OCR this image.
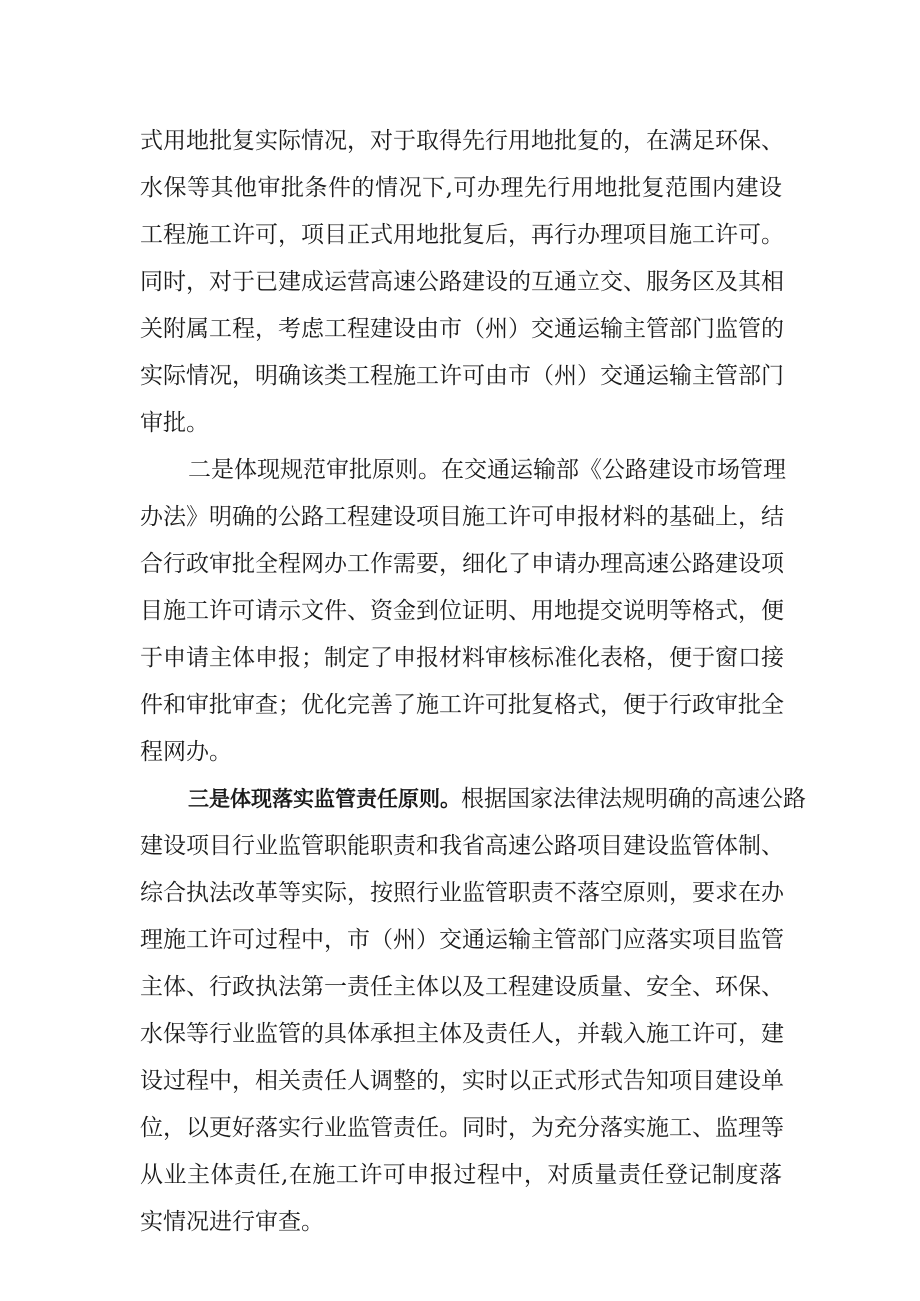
式用地批复实际情况，对于取得先行用地批复的，在满足环保、
水保等其他审批条件的情况下,可办理先行用地批复范围内建设
工程施工许可，项目正式用地批复后，再行办理项目施工许可。
同时，对于已建成运营高速公路建设的互通立交、服务区及其相
关附属工程，考虑工程建设由市（州）交通运输主管部门监管的
实际情况，明确该类工程施工许可由市（州）交通运输主管部门
审批。
二是体现规范审批原则。在交通运输部《公路建设市场管理
办法》明确的公路工程建设项目施工许可申报材料的基础上，结
合行政审批全程网办工作需要，细化了申请办理高速公路建设项
目施工许可请示文件、资金到位证明、用地提交说明等格式，便
于申请主体申报；制定了申报材料审核标准化表格，便于窗口接
件和审批审查；优化完善了施工许可批复格式，便于行政审批全
程网办。
三是体现落实监管责任原则。根据国家法律法规明确的高速公路
建设项目行业监管职能职责和我省高速公路项目建设监管体制、
综合执法改革等实际，按照行业监管职责不落空原则，要求在办
理施工许可过程中，市（州）交通运输主管部门应落实项目监管
主体、行政执法第一责任主体以及工程建设质量、安全、环保、
水保等行业监管的具体承担主体及责任人，并载入施工许可，建
设过程中，相关责任人调整的，实时以正式形式告知项目建设单
位，以更好落实行业监管责任。同时，为充分落实施工、监理等
从业主体责任,在施工许可申报过程中，对质量责任登记制度落
实情况进行审查。
